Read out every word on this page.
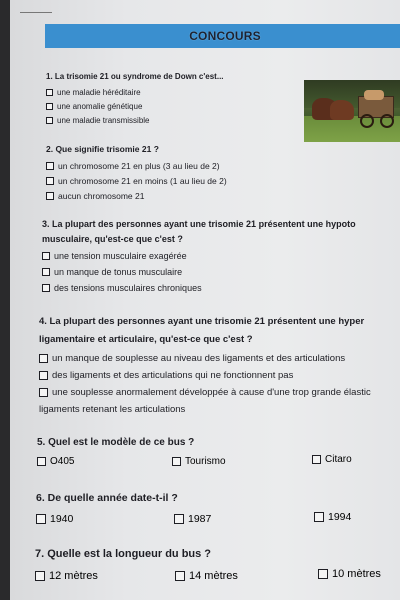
CONCOURS
1. La trisomie 21 ou syndrome de Down c'est...
une maladie héréditaire
une anomalie génétique
une maladie transmissible
2. Que signifie trisomie 21 ?
un chromosome 21 en plus (3 au lieu de 2)
un chromosome 21 en moins (1 au lieu de 2)
aucun chromosome 21
3. La plupart des personnes ayant une trisomie 21 présentent une hypoto
musculaire, qu'est-ce que c'est ?
une tension musculaire exagérée
un manque de tonus musculaire
des tensions musculaires chroniques
4. La plupart des personnes ayant une trisomie 21 présentent une hyper
ligamentaire et articulaire, qu'est-ce que c'est ?
un manque de souplesse au niveau des ligaments et des articulations
des ligaments et des articulations qui ne fonctionnent pas
une souplesse anormalement développée à cause d'une trop grande élastic
ligaments retenant les articulations
5. Quel est le modèle de ce bus ?
O405	Tourismo	Citaro
6. De quelle année date-t-il ?
1940	1987	1994
7. Quelle est la longueur du bus ?
12 mètres	14 mètres	10 mètres
